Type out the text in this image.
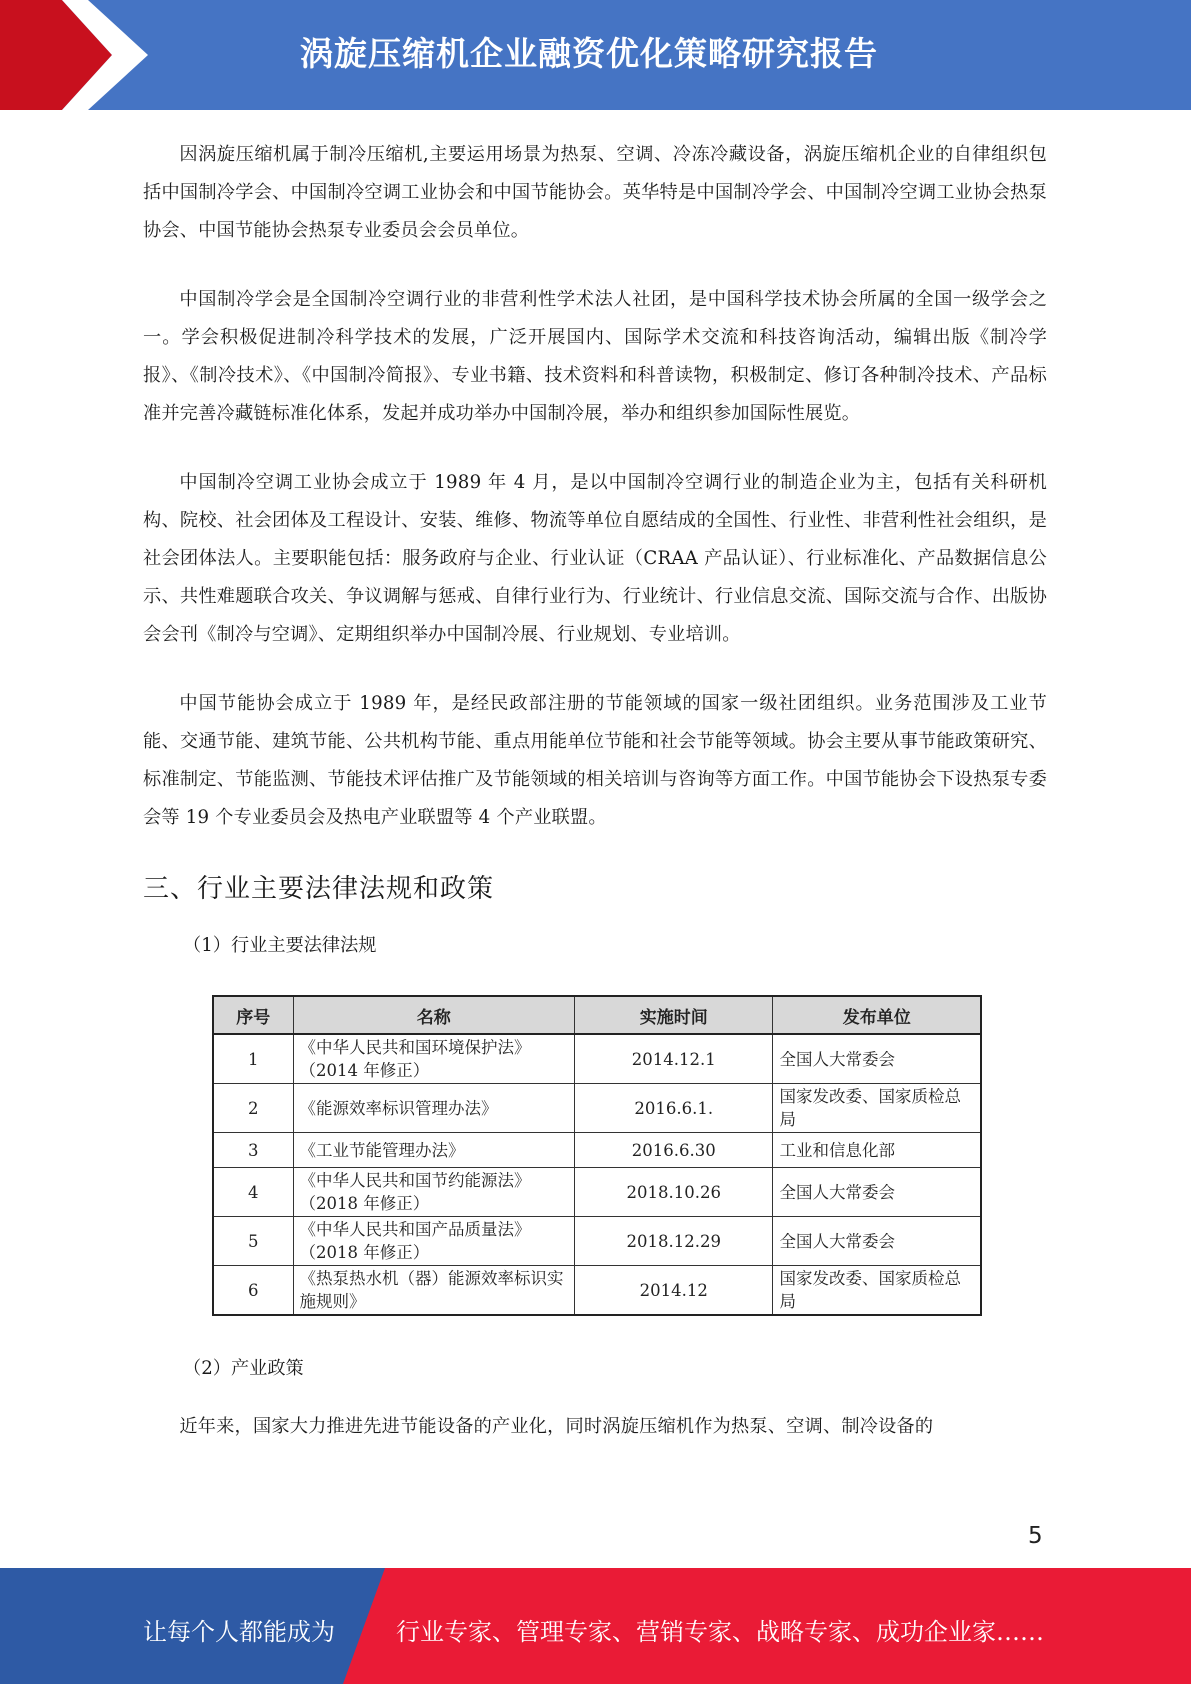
涡旋压缩机企业融资优化策略研究报告

因涡旋压缩机属于制冷压缩机,主要运用场景为热泵、空调、冷冻冷藏设备，涡旋压缩机企业的自律组织包括中国制冷学会、中国制冷空调工业协会和中国节能协会。英华特是中国制冷学会、中国制冷空调工业协会热泵协会、中国节能协会热泵专业委员会会员单位。

中国制冷学会是全国制冷空调行业的非营利性学术法人社团，是中国科学技术协会所属的全国一级学会之一。学会积极促进制冷科学技术的发展，广泛开展国内、国际学术交流和科技咨询活动，编辑出版《制冷学报》、《制冷技术》、《中国制冷简报》、专业书籍、技术资料和科普读物，积极制定、修订各种制冷技术、产品标准并完善冷藏链标准化体系，发起并成功举办中国制冷展，举办和组织参加国际性展览。

中国制冷空调工业协会成立于 1989 年 4 月，是以中国制冷空调行业的制造企业为主，包括有关科研机构、院校、社会团体及工程设计、安装、维修、物流等单位自愿结成的全国性、行业性、非营利性社会组织，是社会团体法人。主要职能包括：服务政府与企业、行业认证（CRAA 产品认证）、行业标准化、产品数据信息公示、共性难题联合攻关、争议调解与惩戒、自律行业行为、行业统计、行业信息交流、国际交流与合作、出版协会会刊《制冷与空调》、定期组织举办中国制冷展、行业规划、专业培训。

中国节能协会成立于 1989 年，是经民政部注册的节能领域的国家一级社团组织。业务范围涉及工业节能、交通节能、建筑节能、公共机构节能、重点用能单位节能和社会节能等领域。协会主要从事节能政策研究、标准制定、节能监测、节能技术评估推广及节能领域的相关培训与咨询等方面工作。中国节能协会下设热泵专委会等 19 个专业委员会及热电产业联盟等 4 个产业联盟。

三、行业主要法律法规和政策
（1）行业主要法律法规
序号	名称	实施时间	发布单位
1	《中华人民共和国环境保护法》（2014 年修正）	2014.12.1	全国人大常委会
2	《能源效率标识管理办法》	2016.6.1.	国家发改委、国家质检总局
3	《工业节能管理办法》	2016.6.30	工业和信息化部
4	《中华人民共和国节约能源法》（2018 年修正）	2018.10.26	全国人大常委会
5	《中华人民共和国产品质量法》（2018 年修正）	2018.12.29	全国人大常委会
6	《热泵热水机（器）能源效率标识实施规则》	2014.12	国家发改委、国家质检总局
（2）产业政策

近年来，国家大力推进先进节能设备的产业化，同时涡旋压缩机作为热泵、空调、制冷设备的

5
让每个人都能成为	行业专家、管理专家、营销专家、战略专家、成功企业家……
